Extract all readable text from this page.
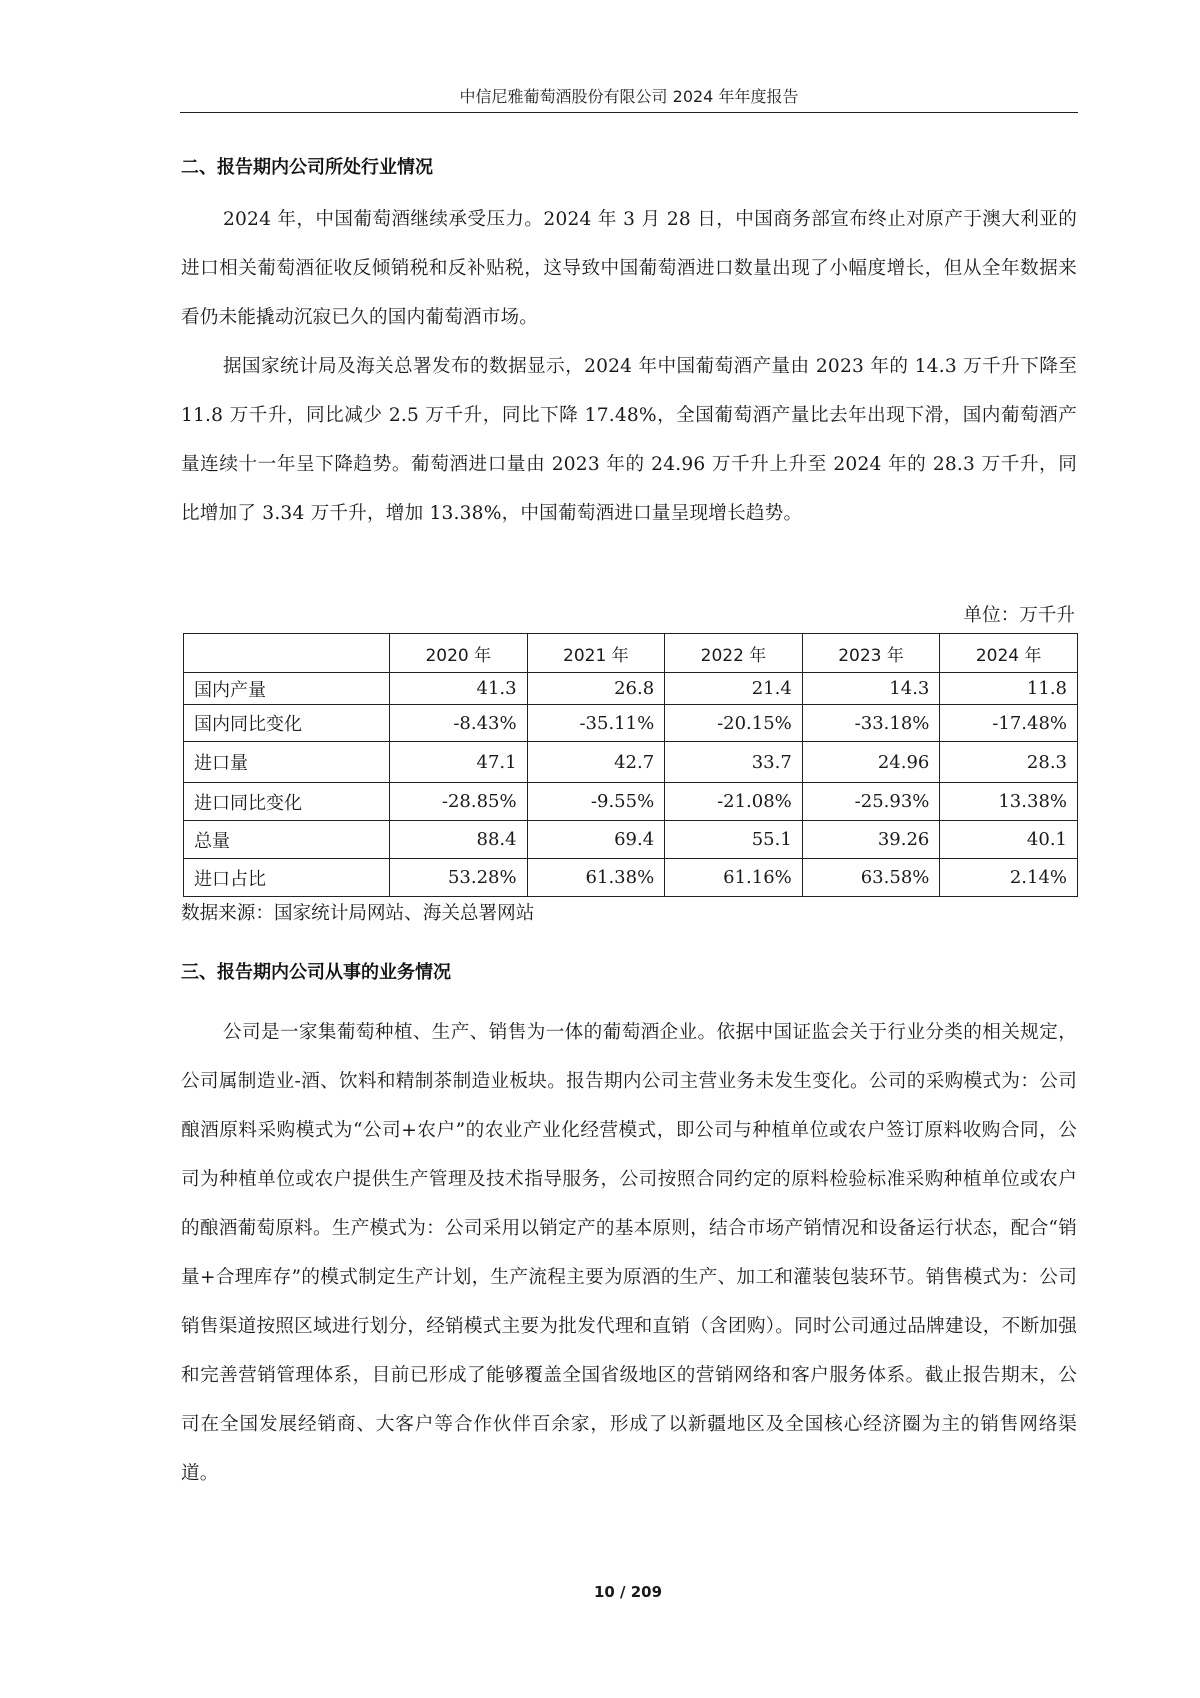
中信尼雅葡萄酒股份有限公司 2024 年年度报告
二、报告期内公司所处行业情况

2024 年，中国葡萄酒继续承受压力。2024 年 3 月 28 日，中国商务部宣布终止对原产于澳大利亚的进口相关葡萄酒征收反倾销税和反补贴税，这导致中国葡萄酒进口数量出现了小幅度增长，但从全年数据来看仍未能撬动沉寂已久的国内葡萄酒市场。

据国家统计局及海关总署发布的数据显示，2024 年中国葡萄酒产量由 2023 年的 14.3 万千升下降至 11.8 万千升，同比减少 2.5 万千升，同比下降 17.48%，全国葡萄酒产量比去年出现下滑，国内葡萄酒产量连续十一年呈下降趋势。葡萄酒进口量由 2023 年的 24.96 万千升上升至 2024 年的 28.3 万千升，同比增加了 3.34 万千升，增加 13.38%，中国葡萄酒进口量呈现增长趋势。

单位：万千升
	2020 年	2021 年	2022 年	2023 年	2024 年
国内产量	41.3	26.8	21.4	14.3	11.8
国内同比变化	-8.43%	-35.11%	-20.15%	-33.18%	-17.48%
进口量	47.1	42.7	33.7	24.96	28.3
进口同比变化	-28.85%	-9.55%	-21.08%	-25.93%	13.38%
总量	88.4	69.4	55.1	39.26	40.1
进口占比	53.28%	61.38%	61.16%	63.58%	2.14%
数据来源：国家统计局网站、海关总署网站
三、报告期内公司从事的业务情况

公司是一家集葡萄种植、生产、销售为一体的葡萄酒企业。依据中国证监会关于行业分类的相关规定，公司属制造业-酒、饮料和精制茶制造业板块。报告期内公司主营业务未发生变化。公司的采购模式为：公司酿酒原料采购模式为“公司+农户”的农业产业化经营模式，即公司与种植单位或农户签订原料收购合同，公司为种植单位或农户提供生产管理及技术指导服务，公司按照合同约定的原料检验标准采购种植单位或农户的酿酒葡萄原料。生产模式为：公司采用以销定产的基本原则，结合市场产销情况和设备运行状态，配合“销量+合理库存”的模式制定生产计划，生产流程主要为原酒的生产、加工和灌装包装环节。销售模式为：公司销售渠道按照区域进行划分，经销模式主要为批发代理和直销（含团购）。同时公司通过品牌建设，不断加强和完善营销管理体系，目前已形成了能够覆盖全国省级地区的营销网络和客户服务体系。截止报告期末，公司在全国发展经销商、大客户等合作伙伴百余家，形成了以新疆地区及全国核心经济圈为主的销售网络渠道。

10 / 209
